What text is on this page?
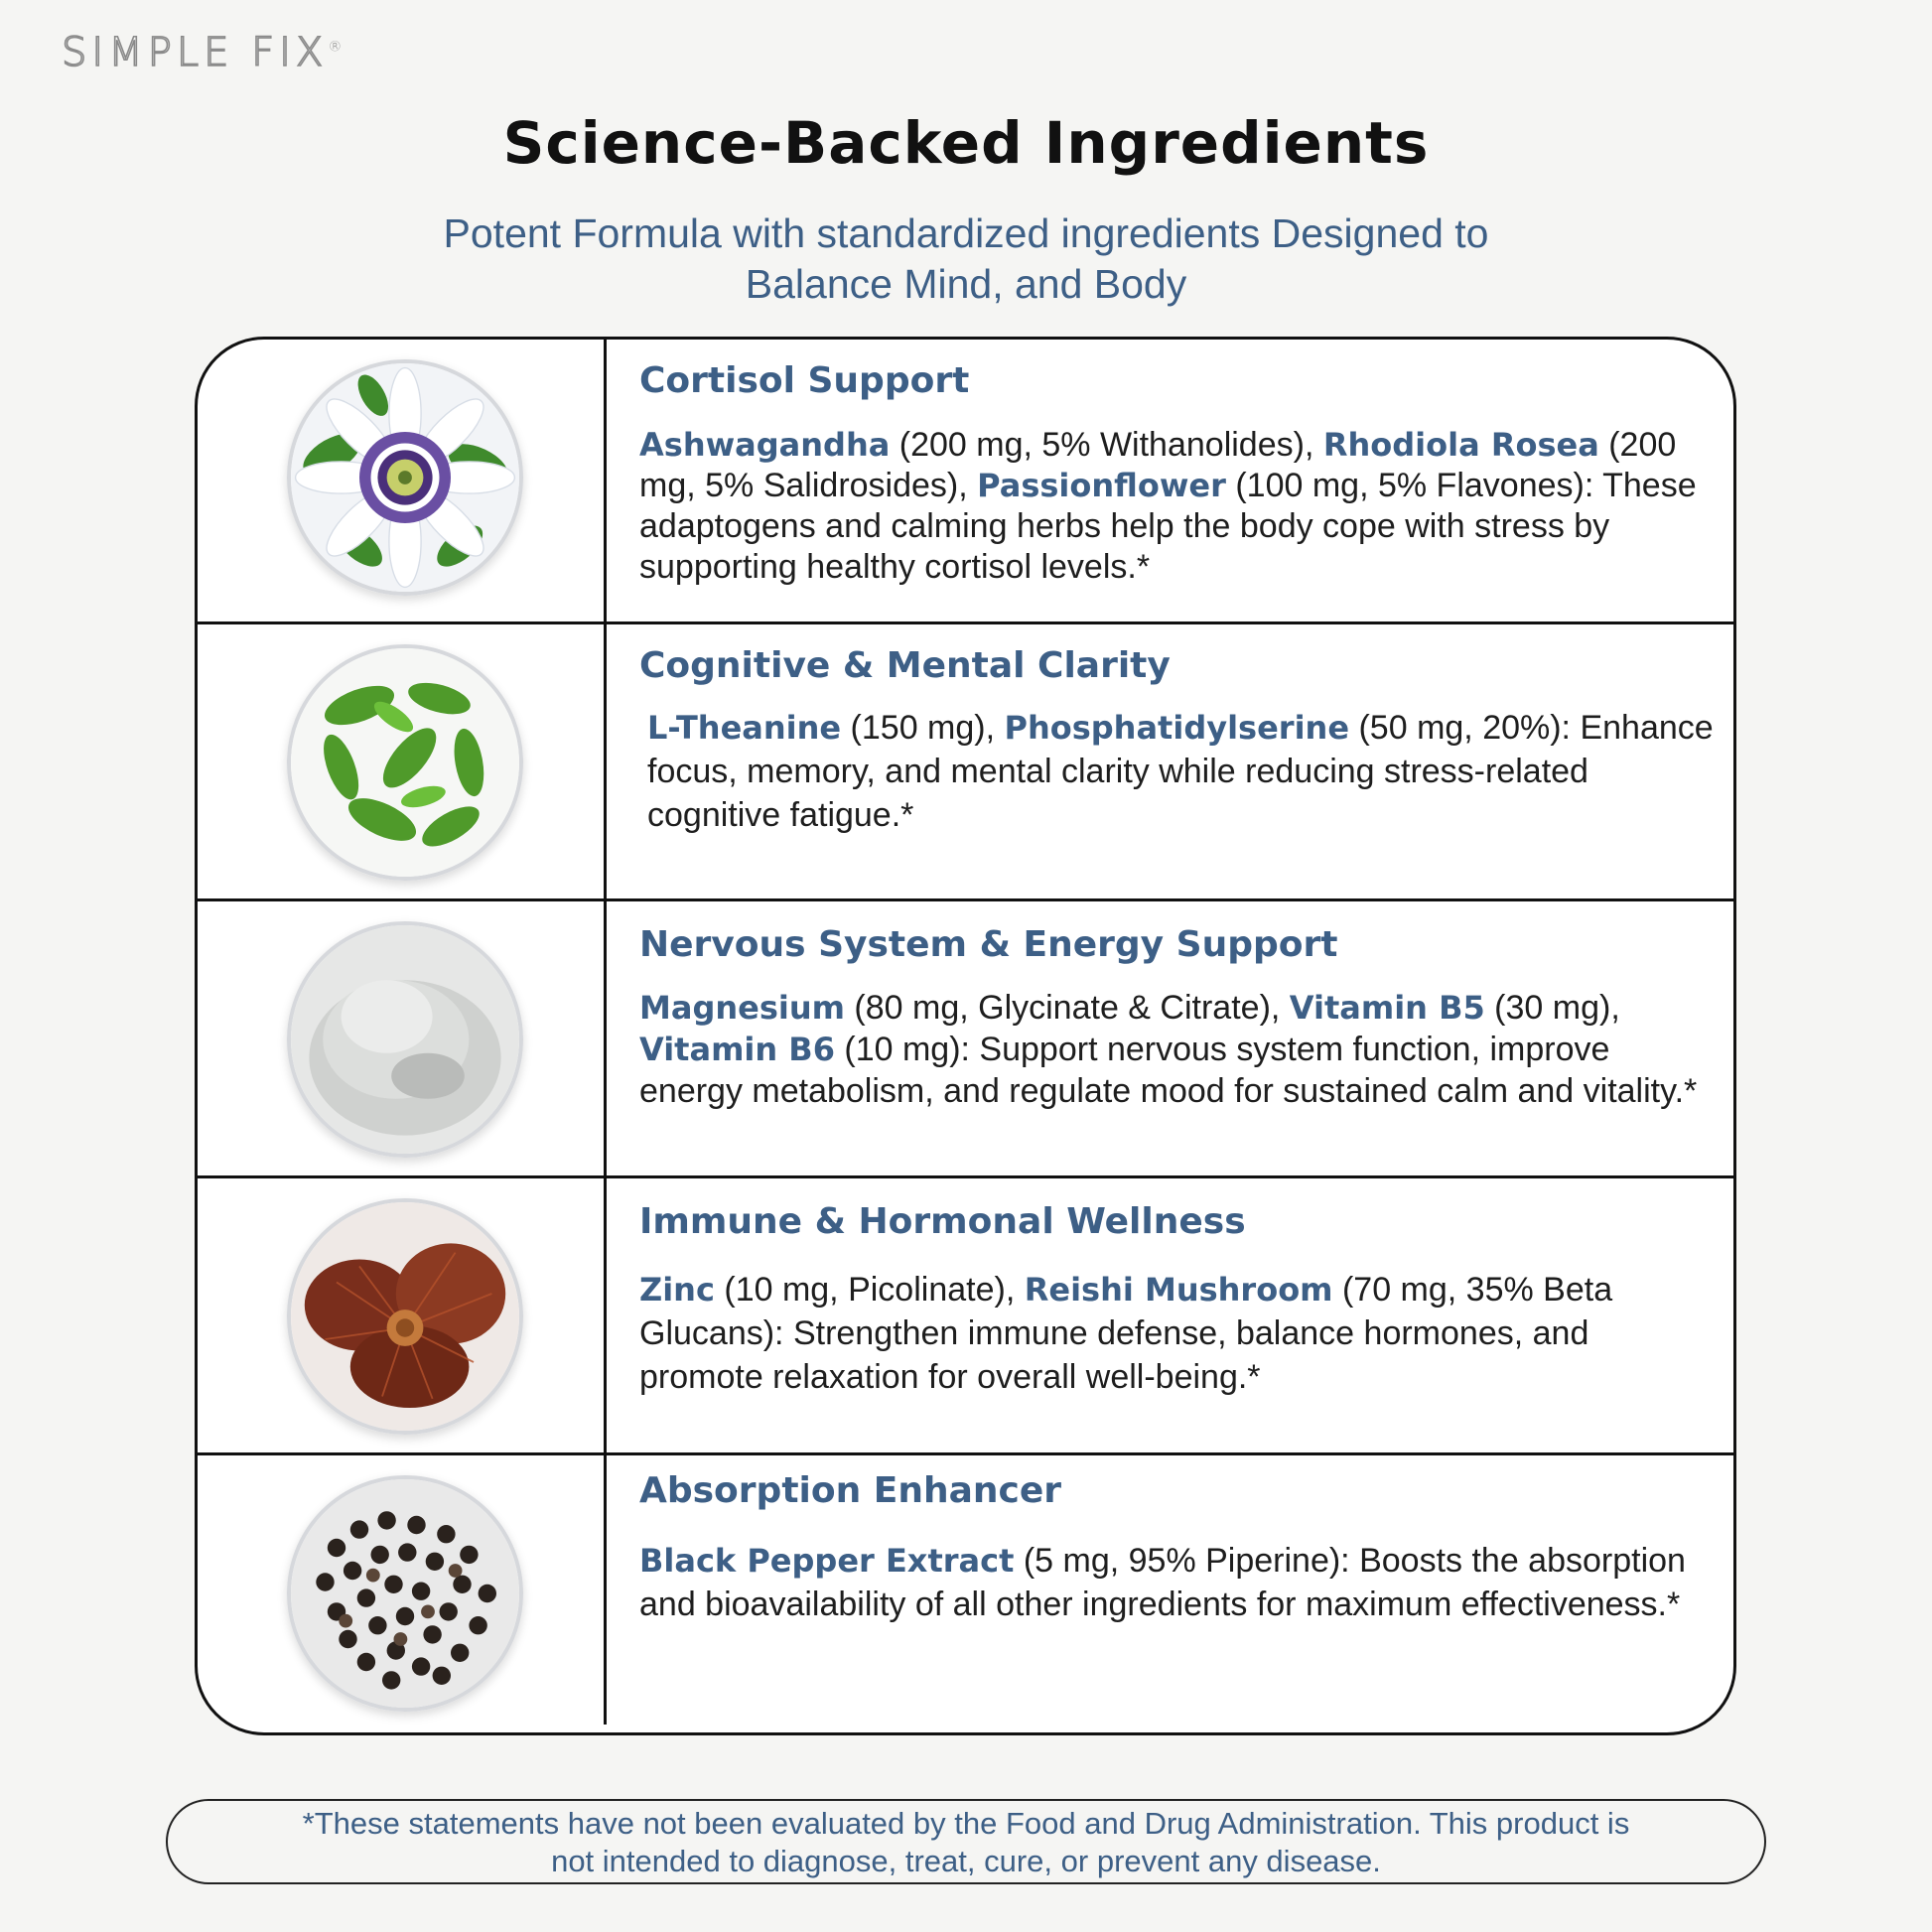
SIMPLE FIX®
Science-Backed Ingredients
Potent Formula with standardized ingredients Designed to
Balance Mind, and Body

Cortisol Support

Ashwagandha (200 mg, 5% Withanolides), Rhodiola Rosea (200 mg, 5% Salidrosides), Passionflower (100 mg, 5% Flavones): These adaptogens and calming herbs help the body cope with stress by supporting healthy cortisol levels.*

Cognitive & Mental Clarity

L-Theanine (150 mg), Phosphatidylserine (50 mg, 20%): Enhance focus, memory, and mental clarity while reducing stress-related cognitive fatigue.*

Nervous System & Energy Support

Magnesium (80 mg, Glycinate & Citrate), Vitamin B5 (30 mg), Vitamin B6 (10 mg): Support nervous system function, improve energy metabolism, and regulate mood for sustained calm and vitality.*

Immune & Hormonal Wellness

Zinc (10 mg, Picolinate), Reishi Mushroom (70 mg, 35% Beta Glucans): Strengthen immune defense, balance hormones, and promote relaxation for overall well-being.*

Absorption Enhancer

Black Pepper Extract (5 mg, 95% Piperine): Boosts the absorption and bioavailability of all other ingredients for maximum effectiveness.*

*These statements have not been evaluated by the Food and Drug Administration. This product is
not intended to diagnose, treat, cure, or prevent any disease.
